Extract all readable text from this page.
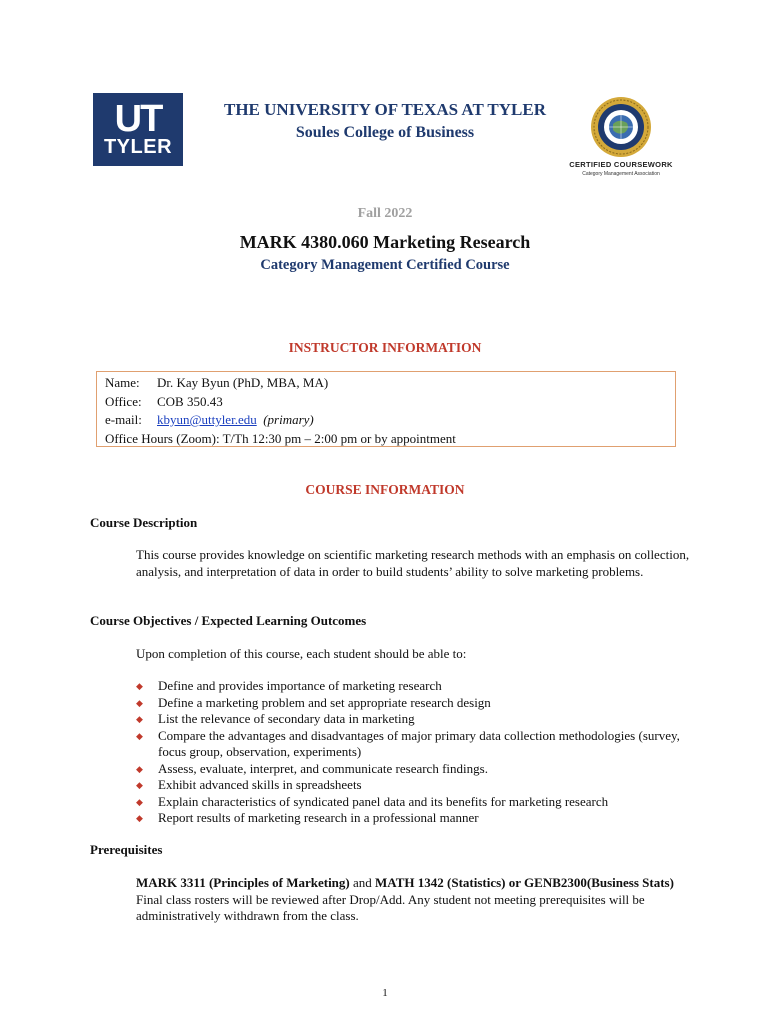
UT
TYLER
THE UNIVERSITY OF TEXAS AT TYLER
Soules College of Business
CERTIFIED COURSEWORK
Category Management Association
Fall 2022
MARK 4380.060 Marketing Research
Category Management Certified Course
INSTRUCTOR INFORMATION
Name: Dr. Kay Byun (PhD, MBA, MA)
Office: COB 350.43
e-mail: kbyun@uttyler.edu (primary)
Office Hours (Zoom): T/Th 12:30 pm – 2:00 pm or by appointment
COURSE INFORMATION
Course Description
This course provides knowledge on scientific marketing research methods with an emphasis on collection, analysis, and interpretation of data in order to build students’ ability to solve marketing problems.
Course Objectives / Expected Learning Outcomes
Upon completion of this course, each student should be able to:
◆ Define and provides importance of marketing research
◆ Define a marketing problem and set appropriate research design
◆ List the relevance of secondary data in marketing
◆ Compare the advantages and disadvantages of major primary data collection methodologies (survey, focus group, observation, experiments)
◆ Assess, evaluate, interpret, and communicate research findings.
◆ Exhibit advanced skills in spreadsheets
◆ Explain characteristics of syndicated panel data and its benefits for marketing research
◆ Report results of marketing research in a professional manner
Prerequisites
MARK 3311 (Principles of Marketing) and MATH 1342 (Statistics) or GENB2300(Business Stats) Final class rosters will be reviewed after Drop/Add. Any student not meeting prerequisites will be administratively withdrawn from the class.
1
